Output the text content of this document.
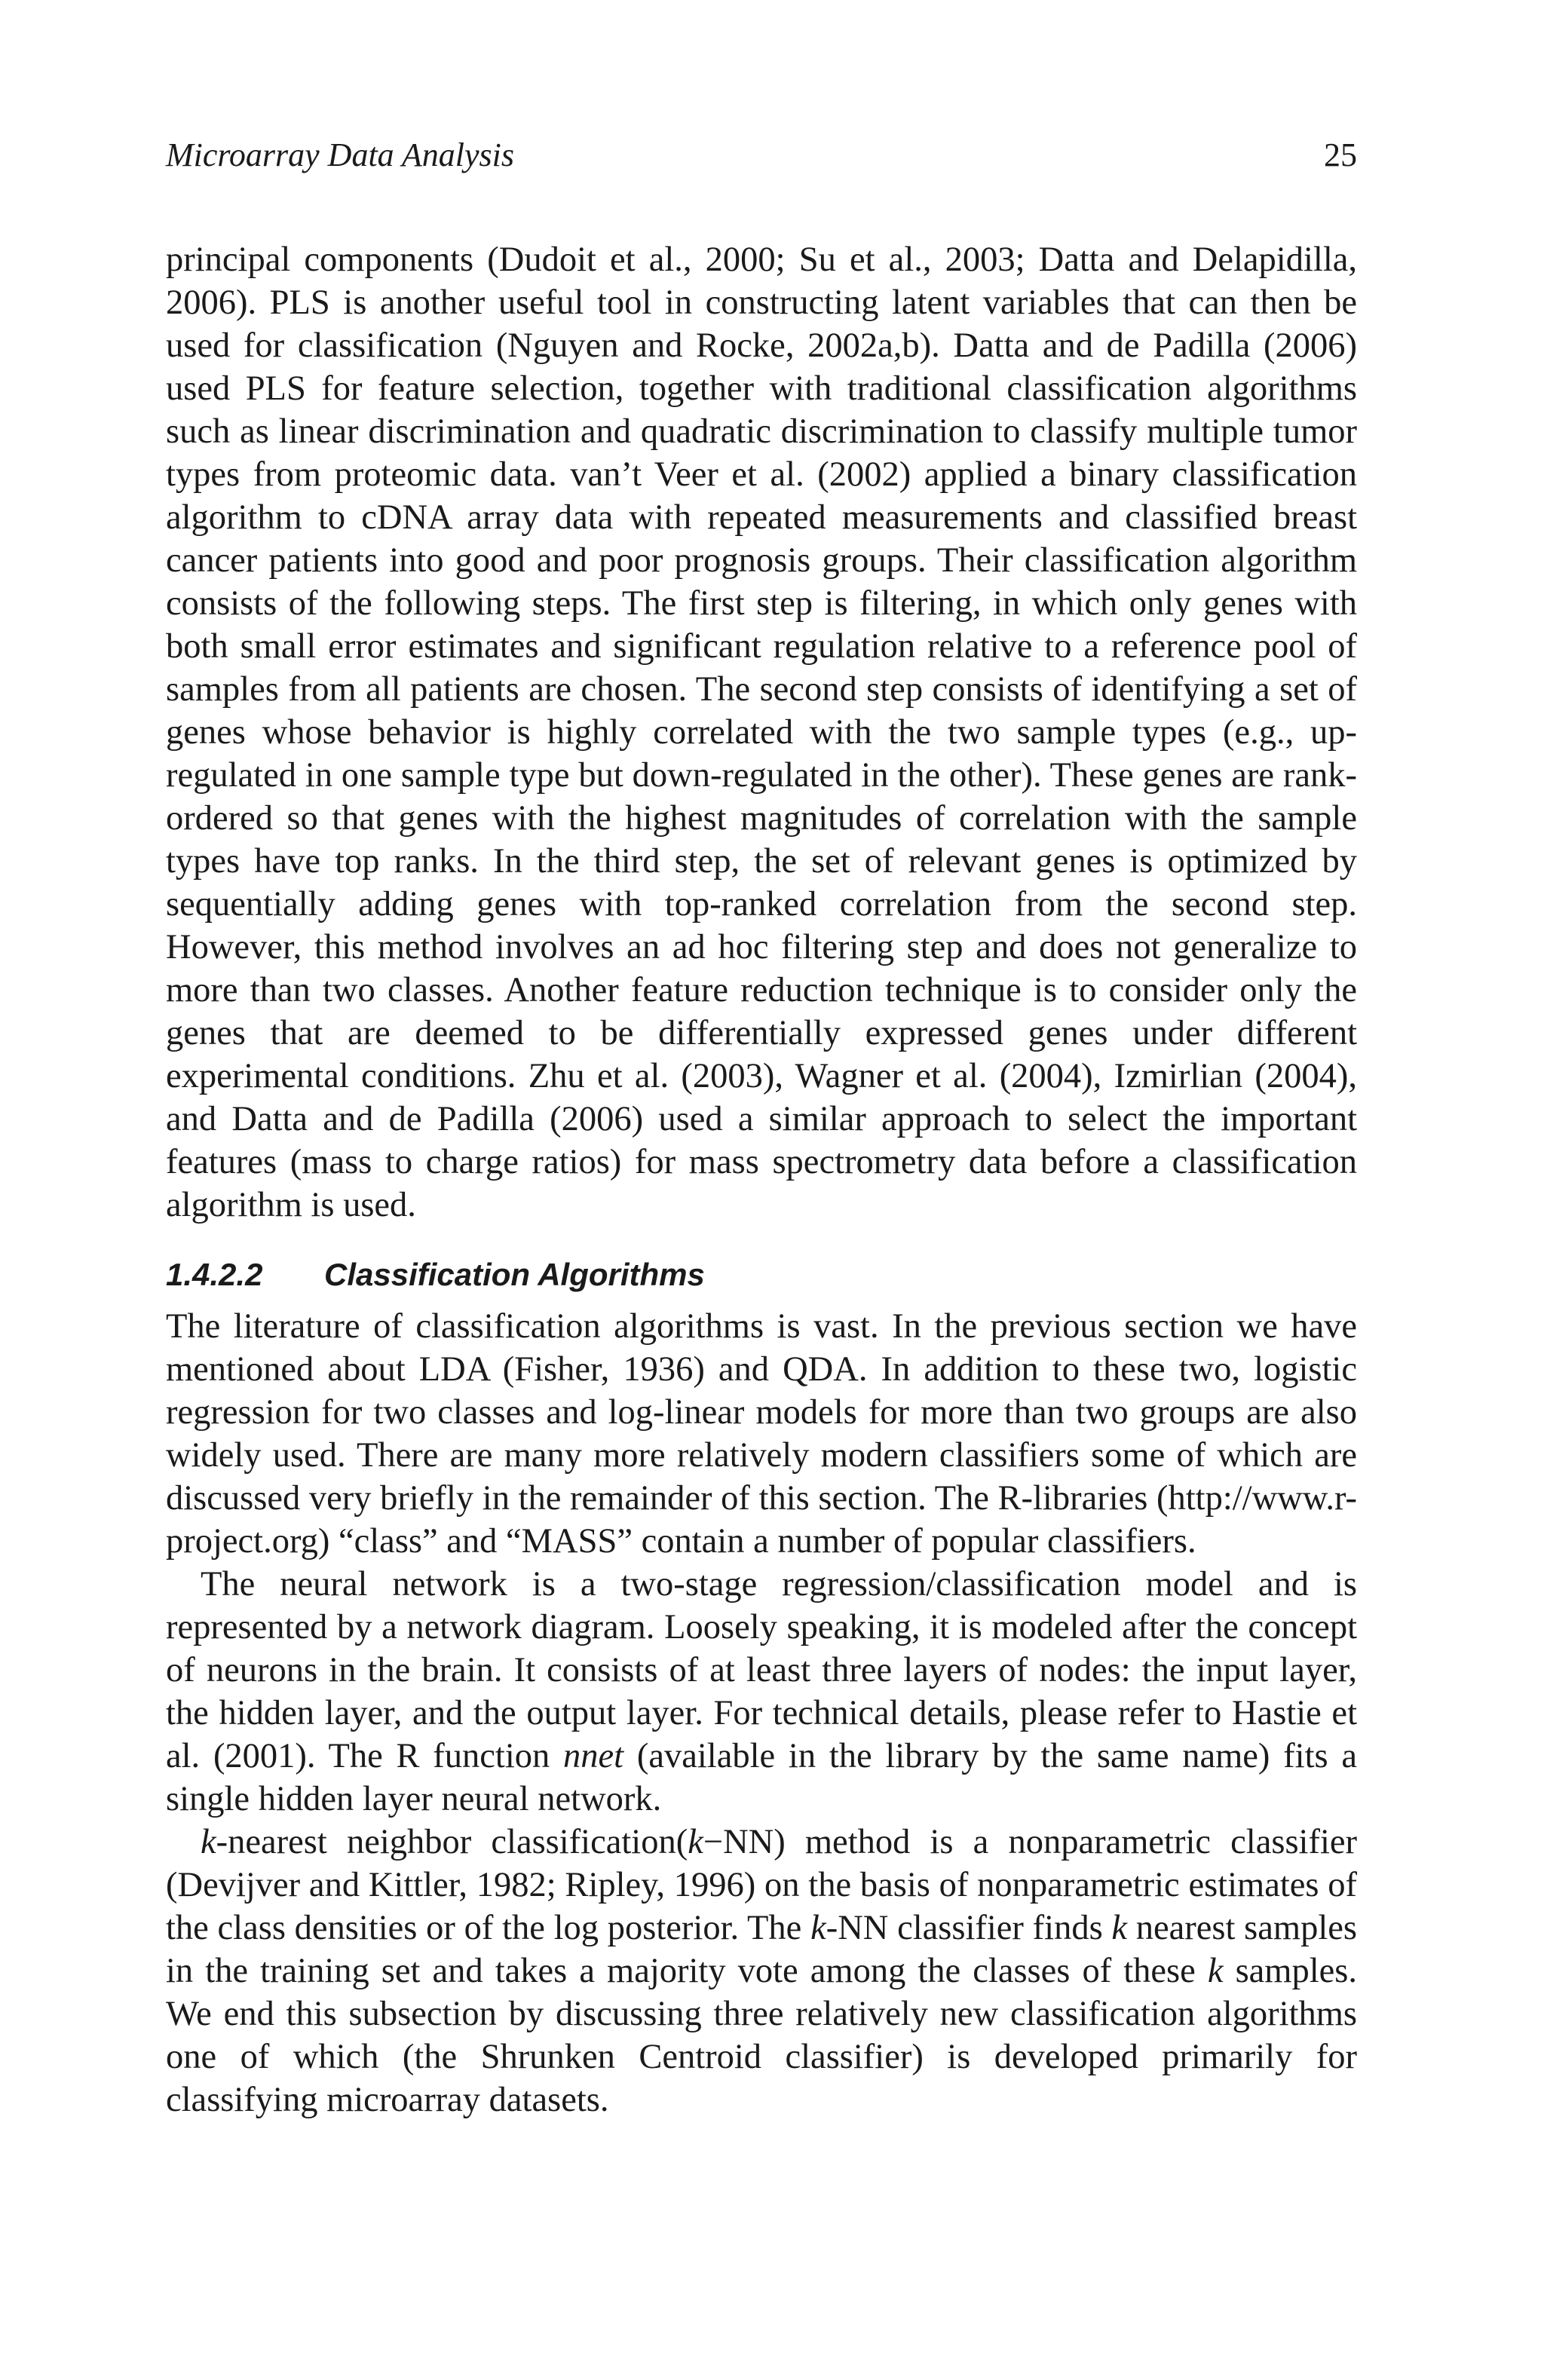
Microarray Data Analysis	25

principal components (Dudoit et al., 2000; Su et al., 2003; Datta and Delapidilla, 2006). PLS is another useful tool in constructing latent variables that can then be used for classification (Nguyen and Rocke, 2002a,b). Datta and de Padilla (2006) used PLS for feature selection, together with traditional classification algorithms such as linear discrimination and quadratic discrimination to classify multiple tumor types from proteomic data. van’t Veer et al. (2002) applied a binary classification algorithm to cDNA array data with repeated measurements and classified breast cancer patients into good and poor prognosis groups. Their classification algorithm consists of the following steps. The first step is filtering, in which only genes with both small error estimates and significant regulation relative to a reference pool of samples from all patients are chosen. The second step consists of identifying a set of genes whose behavior is highly correlated with the two sample types (e.g., upregulated in one sample type but down-regulated in the other). These genes are rank-ordered so that genes with the highest magnitudes of correlation with the sample types have top ranks. In the third step, the set of relevant genes is optimized by sequentially adding genes with top-ranked correlation from the second step. However, this method involves an ad hoc filtering step and does not generalize to more than two classes. Another feature reduction technique is to consider only the genes that are deemed to be differentially expressed genes under different experimental conditions. Zhu et al. (2003), Wagner et al. (2004), Izmirlian (2004), and Datta and de Padilla (2006) used a similar approach to select the important features (mass to charge ratios) for mass spectrometry data before a classification algorithm is used.

1.4.2.2 Classification Algorithms

The literature of classification algorithms is vast. In the previous section we have mentioned about LDA (Fisher, 1936) and QDA. In addition to these two, logistic regression for two classes and log-linear models for more than two groups are also widely used. There are many more relatively modern classifiers some of which are discussed very briefly in the remainder of this section. The R-libraries (http://www.r-project.org) “class” and “MASS” contain a number of popular classifiers.

The neural network is a two-stage regression/classification model and is represented by a network diagram. Loosely speaking, it is modeled after the concept of neurons in the brain. It consists of at least three layers of nodes: the input layer, the hidden layer, and the output layer. For technical details, please refer to Hastie et al. (2001). The R function nnet (available in the library by the same name) fits a single hidden layer neural network.

k-nearest neighbor classification(k−NN) method is a nonparametric classifier (Devijver and Kittler, 1982; Ripley, 1996) on the basis of nonparametric estimates of the class densities or of the log posterior. The k-NN classifier finds k nearest samples in the training set and takes a majority vote among the classes of these k samples. We end this subsection by discussing three relatively new classification algorithms one of which (the Shrunken Centroid classifier) is developed primarily for classifying microarray datasets.
